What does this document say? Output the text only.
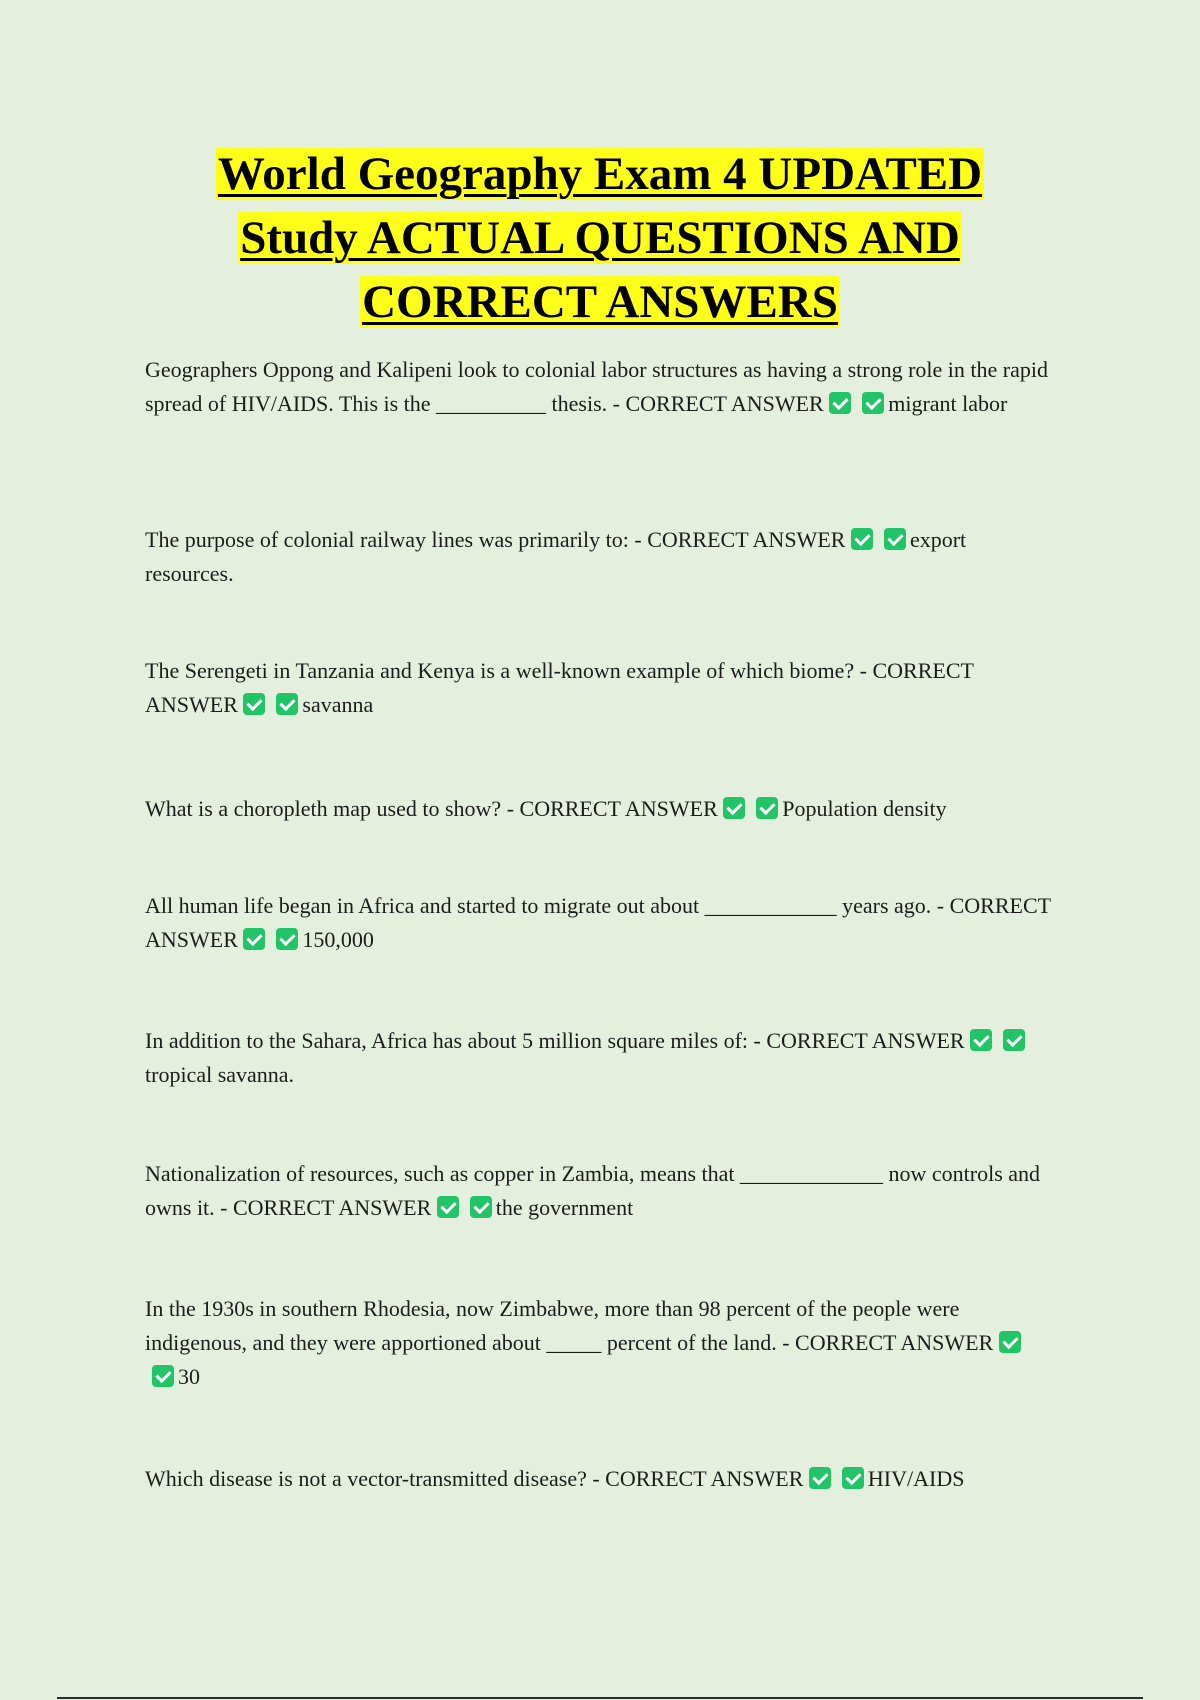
World Geography Exam 4 UPDATED
Study ACTUAL QUESTIONS AND
CORRECT ANSWERS
Geographers Oppong and Kalipeni look to colonial labor structures as having a strong role in the rapid spread of HIV/AIDS. This is the __________ thesis. - CORRECT ANSWER	migrant labor
The purpose of colonial railway lines was primarily to: - CORRECT ANSWER	export resources.
The Serengeti in Tanzania and Kenya is a well-known example of which biome? - CORRECT ANSWER	savanna
What is a choropleth map used to show? - CORRECT ANSWER	Population density
All human life began in Africa and started to migrate out about ____________ years ago. - CORRECT ANSWER	150,000
In addition to the Sahara, Africa has about 5 million square miles of: - CORRECT ANSWER tropical savanna.
Nationalization of resources, such as copper in Zambia, means that _____________ now controls and owns it. - CORRECT ANSWER	the government
In the 1930s in southern Rhodesia, now Zimbabwe, more than 98 percent of the people were indigenous, and they were apportioned about _____ percent of the land. - CORRECT ANSWER 30
Which disease is not a vector-transmitted disease? - CORRECT ANSWER	HIV/AIDS
